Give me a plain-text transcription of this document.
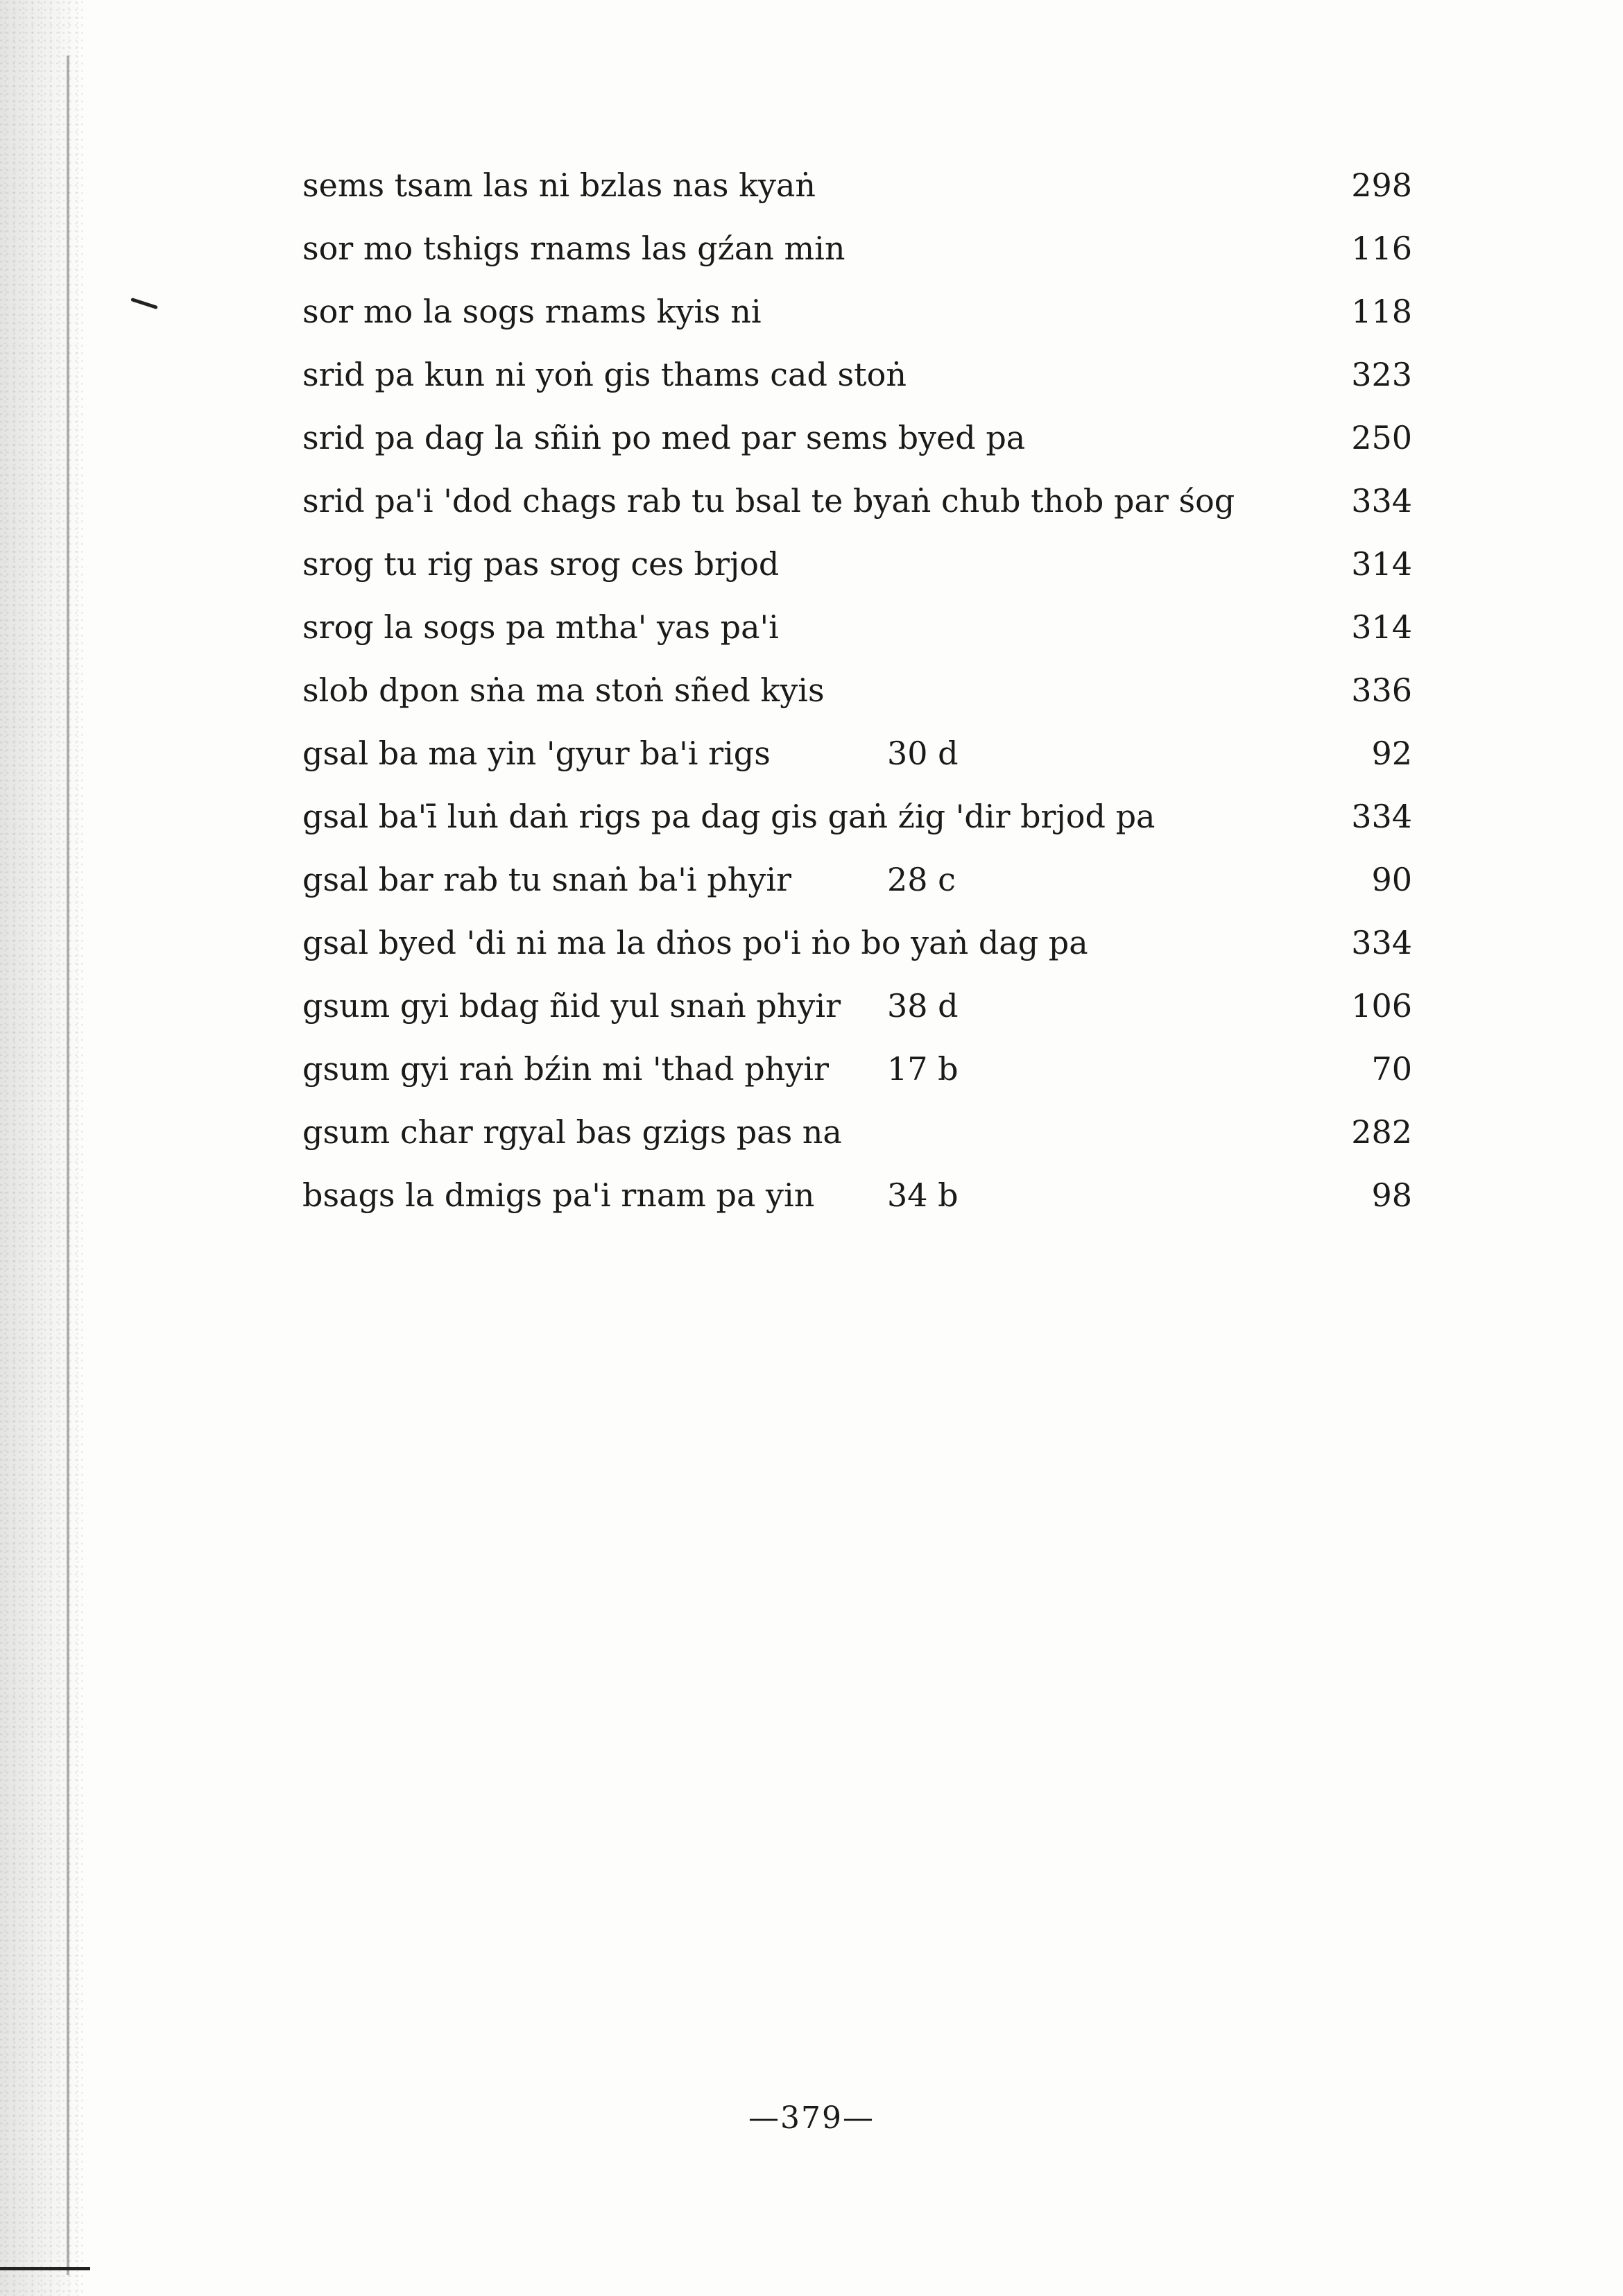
sems tsam las ni bzlas nas kyaṅ	298
sor mo tshigs rnams las gźan min	116
sor mo la sogs rnams kyis ni	118
srid pa kun ni yoṅ gis thams cad stoṅ	323
srid pa dag la sñiṅ po med par sems byed pa	250
srid pa'i 'dod chags rab tu bsal te byaṅ chub thob par śog	334
srog tu rig pas srog ces brjod	314
srog la sogs pa mtha' yas pa'i	314
slob dpon sṅa ma stoṅ sñed kyis	336
gsal ba ma yin 'gyur ba'i rigs	30 d	92
gsal ba'ī luṅ daṅ rigs pa dag gis gaṅ źig 'dir brjod pa	334
gsal bar rab tu snaṅ ba'i phyir	28 c	90
gsal byed 'di ni ma la dṅos po'i ṅo bo yaṅ dag pa	334
gsum gyi bdag ñid yul snaṅ phyir 38 d	106
gsum gyi raṅ bźin mi 'thad phyir 17 b	70
gsum char rgyal bas gzigs pas na	282
bsags la dmigs pa'i rnam pa yin 34 b	98
—379—
